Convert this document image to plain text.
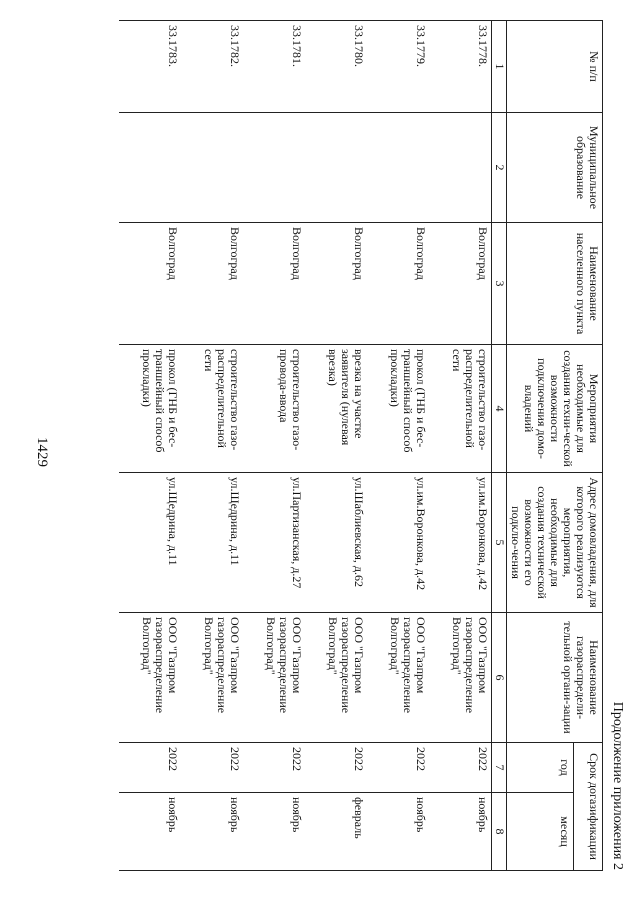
1429
Продолжение приложения 2
№ п/п	Муниципальное образование	Наименование населенного пункта	Мероприятия необходимые для создания техни-ческой возможности подключения домо-владений	Адрес домовладения, для которого реализуются мероприятия, необходимые для создания технической возможности его подклю-чения	Наименование газораспредели-тельной органи-зации	Срок догазификации	
						год	месяц
1	2	3	4	5	6	7	8
33.1778.		Волгоград	строительство газо-распределительной сети	ул.им.Воронкова, д.42	ООО "Газпром газораспределение Волгоград"	2022	ноябрь
33.1779.		Волгоград	прокол (ГНБ и бес-траншейный способ прокладки)	ул.им.Воронкова, д.42	ООО "Газпром газораспределение Волгоград"	2022	ноябрь
33.1780.		Волгоград	врезка на участке заявителя (нулевая врезка)	ул.Шаблиевская, д.62	ООО "Газпром газораспределение Волгоград"	2022	февраль
33.1781.		Волгоград	строительство газо-провода-ввода	ул.Партизанская, д.27	ООО "Газпром газораспределение Волгоград"	2022	ноябрь
33.1782.		Волгоград	строительство газо-распределительной сети	ул.Щедрина, д.11	ООО "Газпром газораспределение Волгоград"	2022	ноябрь
33.1783.		Волгоград	прокол (ГНБ и бес-траншейный способ прокладки)	ул.Щедрина, д.11	ООО "Газпром газораспределение Волгоград"	2022	ноябрь
